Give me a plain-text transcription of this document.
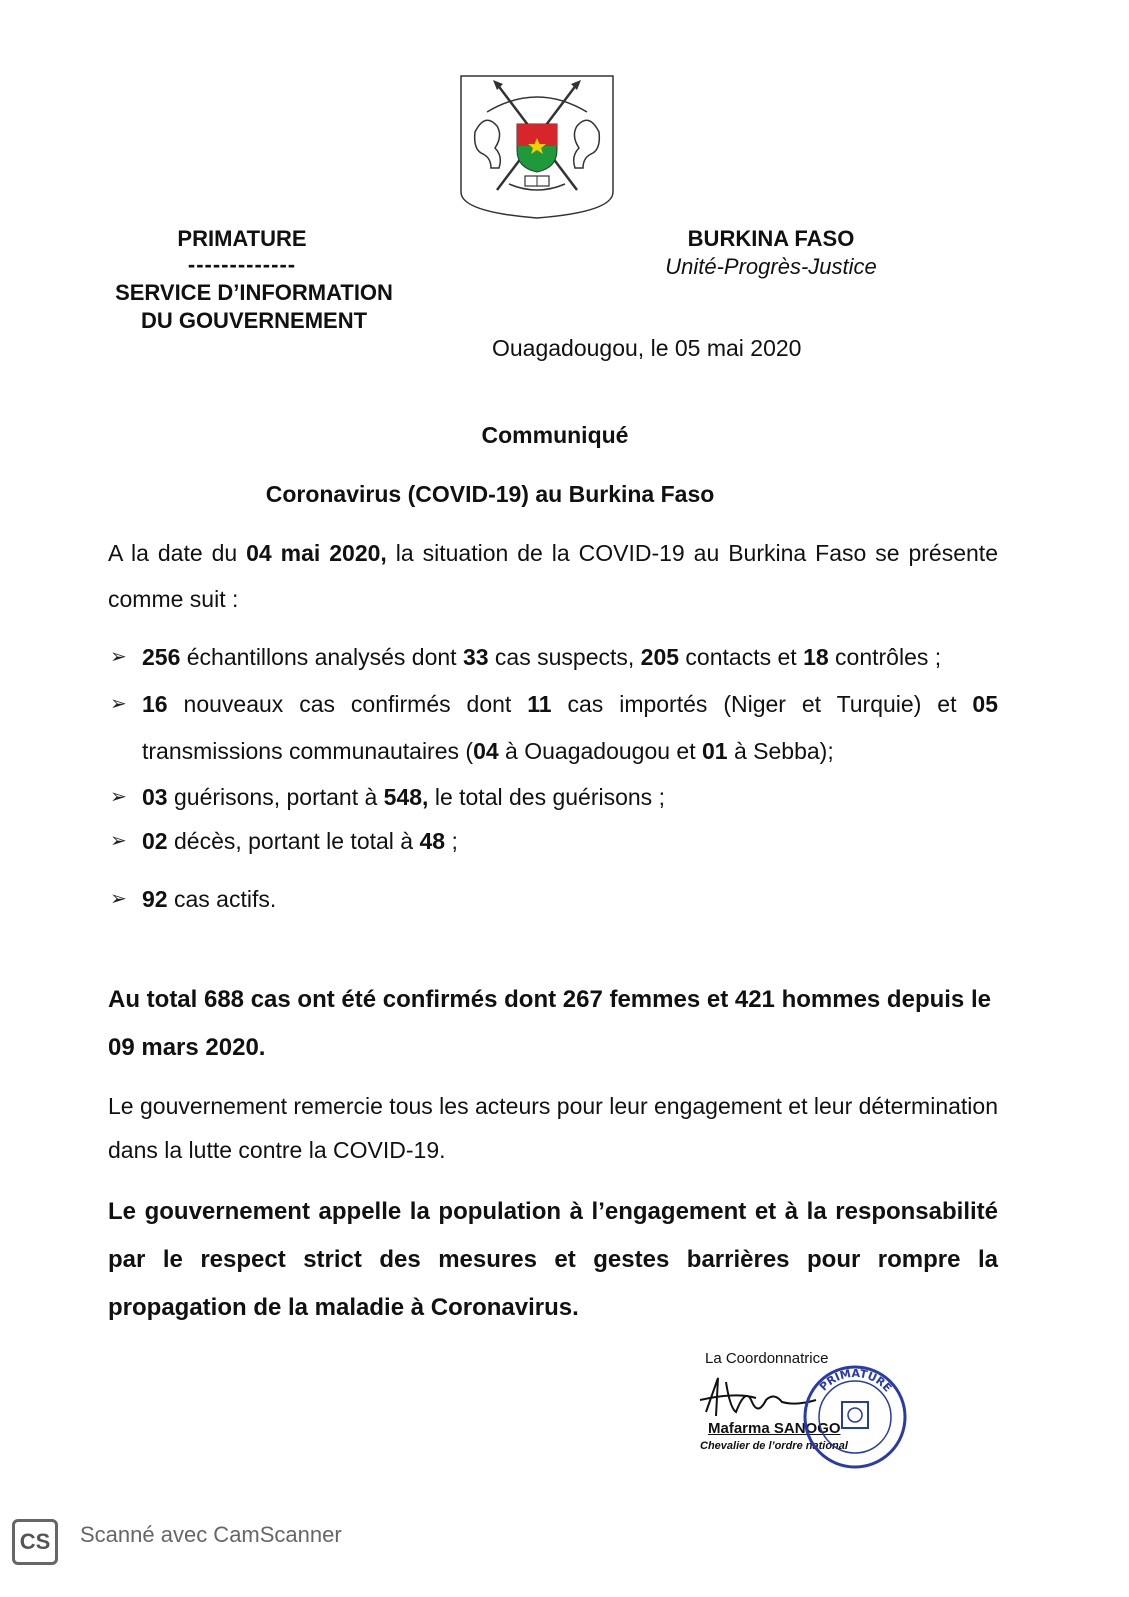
PRIMATURE
-------------
SERVICE D’INFORMATION
DU GOUVERNEMENT
BURKINA FASO
Unité-Progrès-Justice
Ouagadougou, le 05 mai 2020
Communiqué
Coronavirus (COVID-19) au Burkina Faso
A la date du 04 mai 2020, la situation de la COVID-19 au Burkina Faso se présente comme suit :
➢ 256 échantillons analysés dont 33 cas suspects, 205 contacts et 18 contrôles ;
➢ 16 nouveaux cas confirmés dont 11 cas importés (Niger et Turquie) et 05 transmissions communautaires (04 à Ouagadougou et 01 à Sebba);
➢ 03 guérisons, portant à 548, le total des guérisons ;
➢ 02 décès, portant le total à 48 ;
➢ 92 cas actifs.
Au total 688 cas ont été confirmés dont 267 femmes et 421 hommes depuis le 09 mars 2020.
Le gouvernement remercie tous les acteurs pour leur engagement et leur détermination dans la lutte contre la COVID-19.
Le gouvernement appelle la population à l’engagement et à la responsabilité par le respect strict des mesures et gestes barrières pour rompre la propagation de la maladie à Coronavirus.
La Coordonnatrice
Mafarma SANOGO
Chevalier de l’ordre national
PRIMATURE
CS	Scanné avec CamScanner
